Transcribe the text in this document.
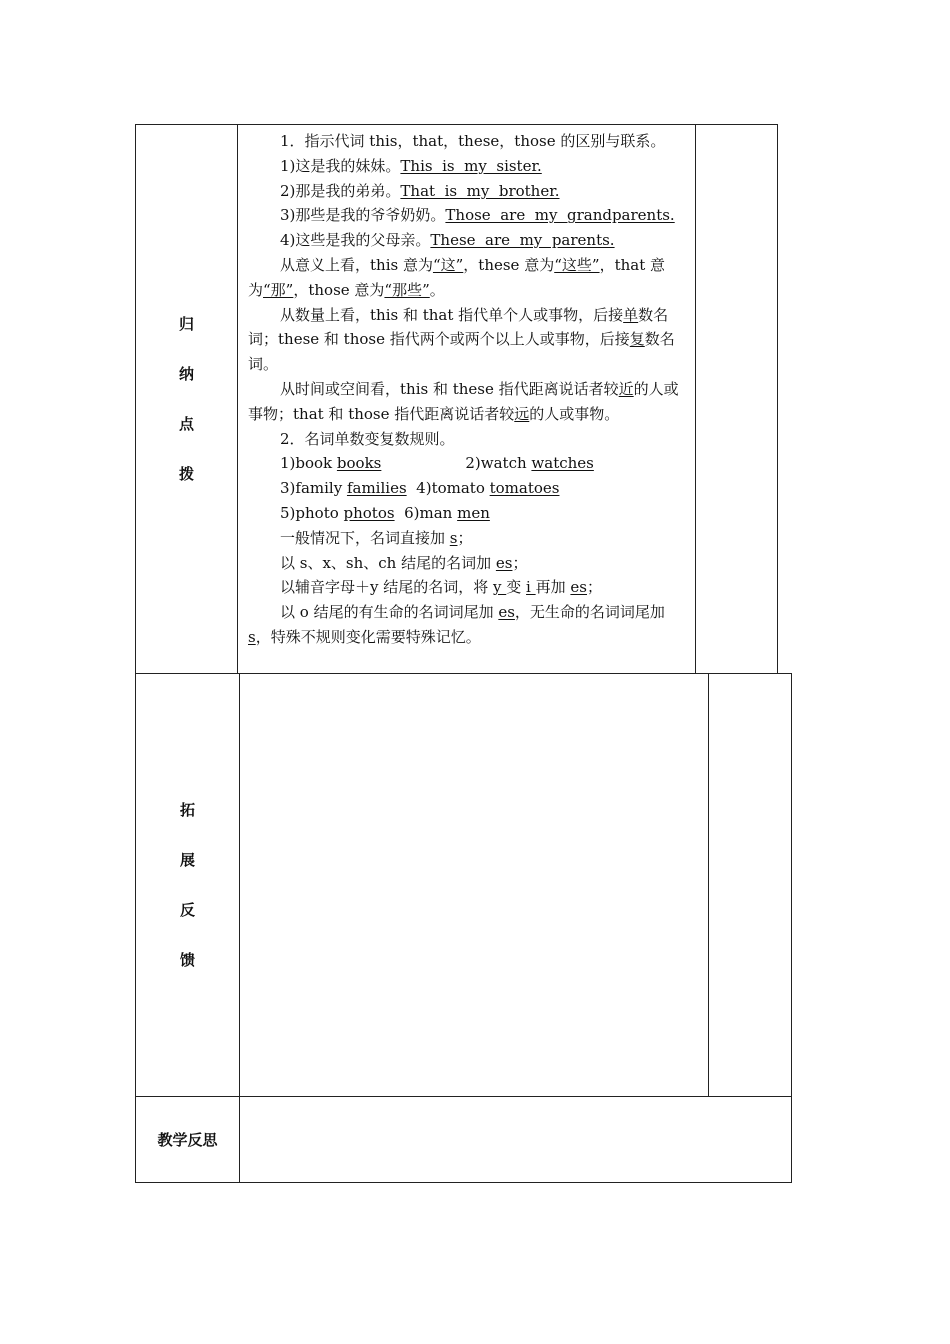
归
纳
点
拨

1．指示代词 this，that，these，those 的区别与联系。

1)这是我的妹妹。This  is  my  sister.

2)那是我的弟弟。That  is  my  brother.

3)那些是我的爷爷奶奶。Those  are  my  grandparents.

4)这些是我的父母亲。These  are  my  parents.

从意义上看，this 意为“这”，these 意为“这些”，that 意为“那”，those 意为“那些”。

从数量上看，this 和 that 指代单个人或事物，后接单数名词；these 和 those 指代两个或两个以上人或事物，后接复数名词。

从时间或空间看，this 和 these 指代距离说话者较近的人或事物；that 和 those 指代距离说话者较远的人或事物。

2．名词单数变复数规则。

1)book books	2)watch watches

3)family families  4)tomato tomatoes

5)photo photos  6)man men

一般情况下，名词直接加 s；

以 s、x、sh、ch 结尾的名词加 es；

以辅音字母＋y 结尾的名词，将 y 变 i 再加 es；

以 o 结尾的有生命的名词词尾加 es，无生命的名词词尾加 s，特殊不规则变化需要特殊记忆。

拓
展
反
馈
教学反思
